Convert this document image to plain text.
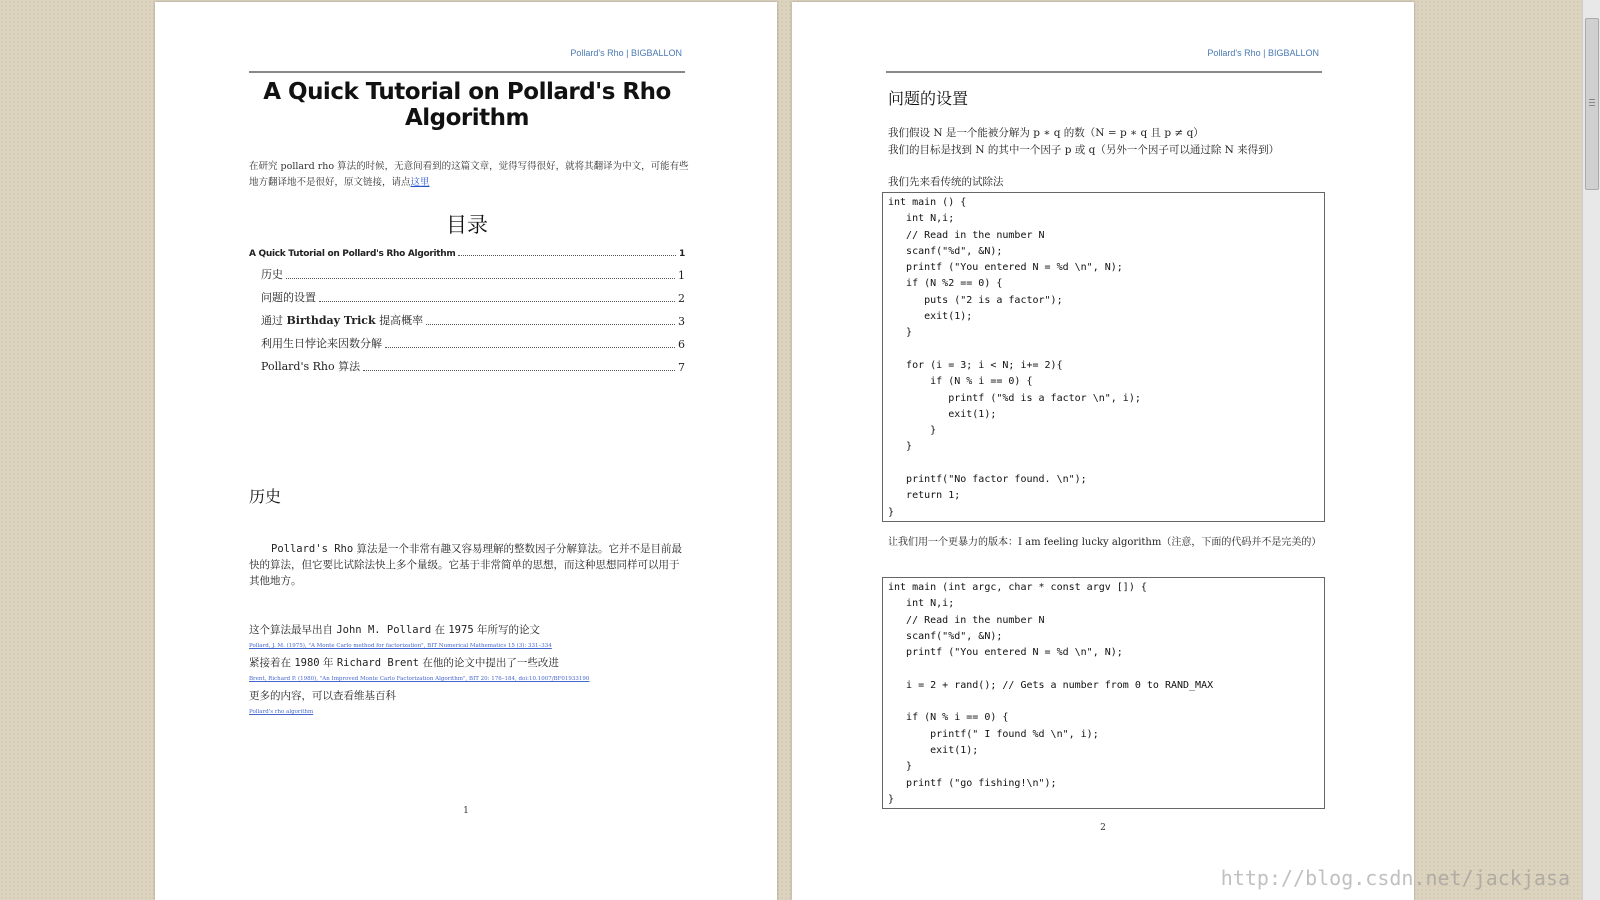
Pollard's Rho | BIGBALLON
A Quick Tutorial on Pollard's Rho Algorithm
在研究 pollard rho 算法的时候，无意间看到的这篇文章，觉得写得很好，就将其翻译为中文，可能有些地方翻译地不是很好，原文链接，请点这里
目录
A Quick Tutorial on Pollard's Rho Algorithm	1
历史	1
问题的设置	2
通过 Birthday Trick 提高概率	3
利用生日悖论来因数分解	6
Pollard's Rho 算法	7
历史
Pollard's Rho 算法是一个非常有趣又容易理解的整数因子分解算法。它并不是目前最快的算法，但它要比试除法快上多个量级。它基于非常简单的思想，而这种思想同样可以用于其他地方。
这个算法最早出自 John M. Pollard 在 1975 年所写的论文
Pollard, J. M. (1975), "A Monte Carlo method for factorization", BIT Numerical Mathematics 15 (3): 331–334
紧接着在 1980 年 Richard Brent 在他的论文中提出了一些改进
Brent, Richard P. (1980), "An Improved Monte Carlo Factorization Algorithm", BIT 20: 176–184, doi:10.1007/BF01933190
更多的内容，可以查看维基百科
Pollard's rho algorithm
1
Pollard's Rho | BIGBALLON
问题的设置
我们假设 N 是一个能被分解为 p ∗ q 的数（N = p ∗ q 且 p ≠ q）
我们的目标是找到 N 的其中一个因子 p 或 q（另外一个因子可以通过除 N 来得到）
我们先来看传统的试除法
int main () {
int N,i;
// Read in the number N
scanf("%d", &N);
printf ("You entered N = %d \n", N);
if (N %2 == 0) {
puts ("2 is a factor");
exit(1);
}

for (i = 3; i < N; i+= 2){
if (N % i == 0) {
printf ("%d is a factor \n", i);
exit(1);
}
}

printf("No factor found. \n");
return 1;
}
让我们用一个更暴力的版本：I am feeling lucky algorithm（注意，下面的代码并不是完美的）
int main (int argc, char * const argv []) {
int N,i;
// Read in the number N
scanf("%d", &N);
printf ("You entered N = %d \n", N);

i = 2 + rand(); // Gets a number from 0 to RAND_MAX

if (N % i == 0) {
printf(" I found %d \n", i);
exit(1);
}
printf ("go fishing!\n");
}
2
http://blog.csdn.net/jackjasa
